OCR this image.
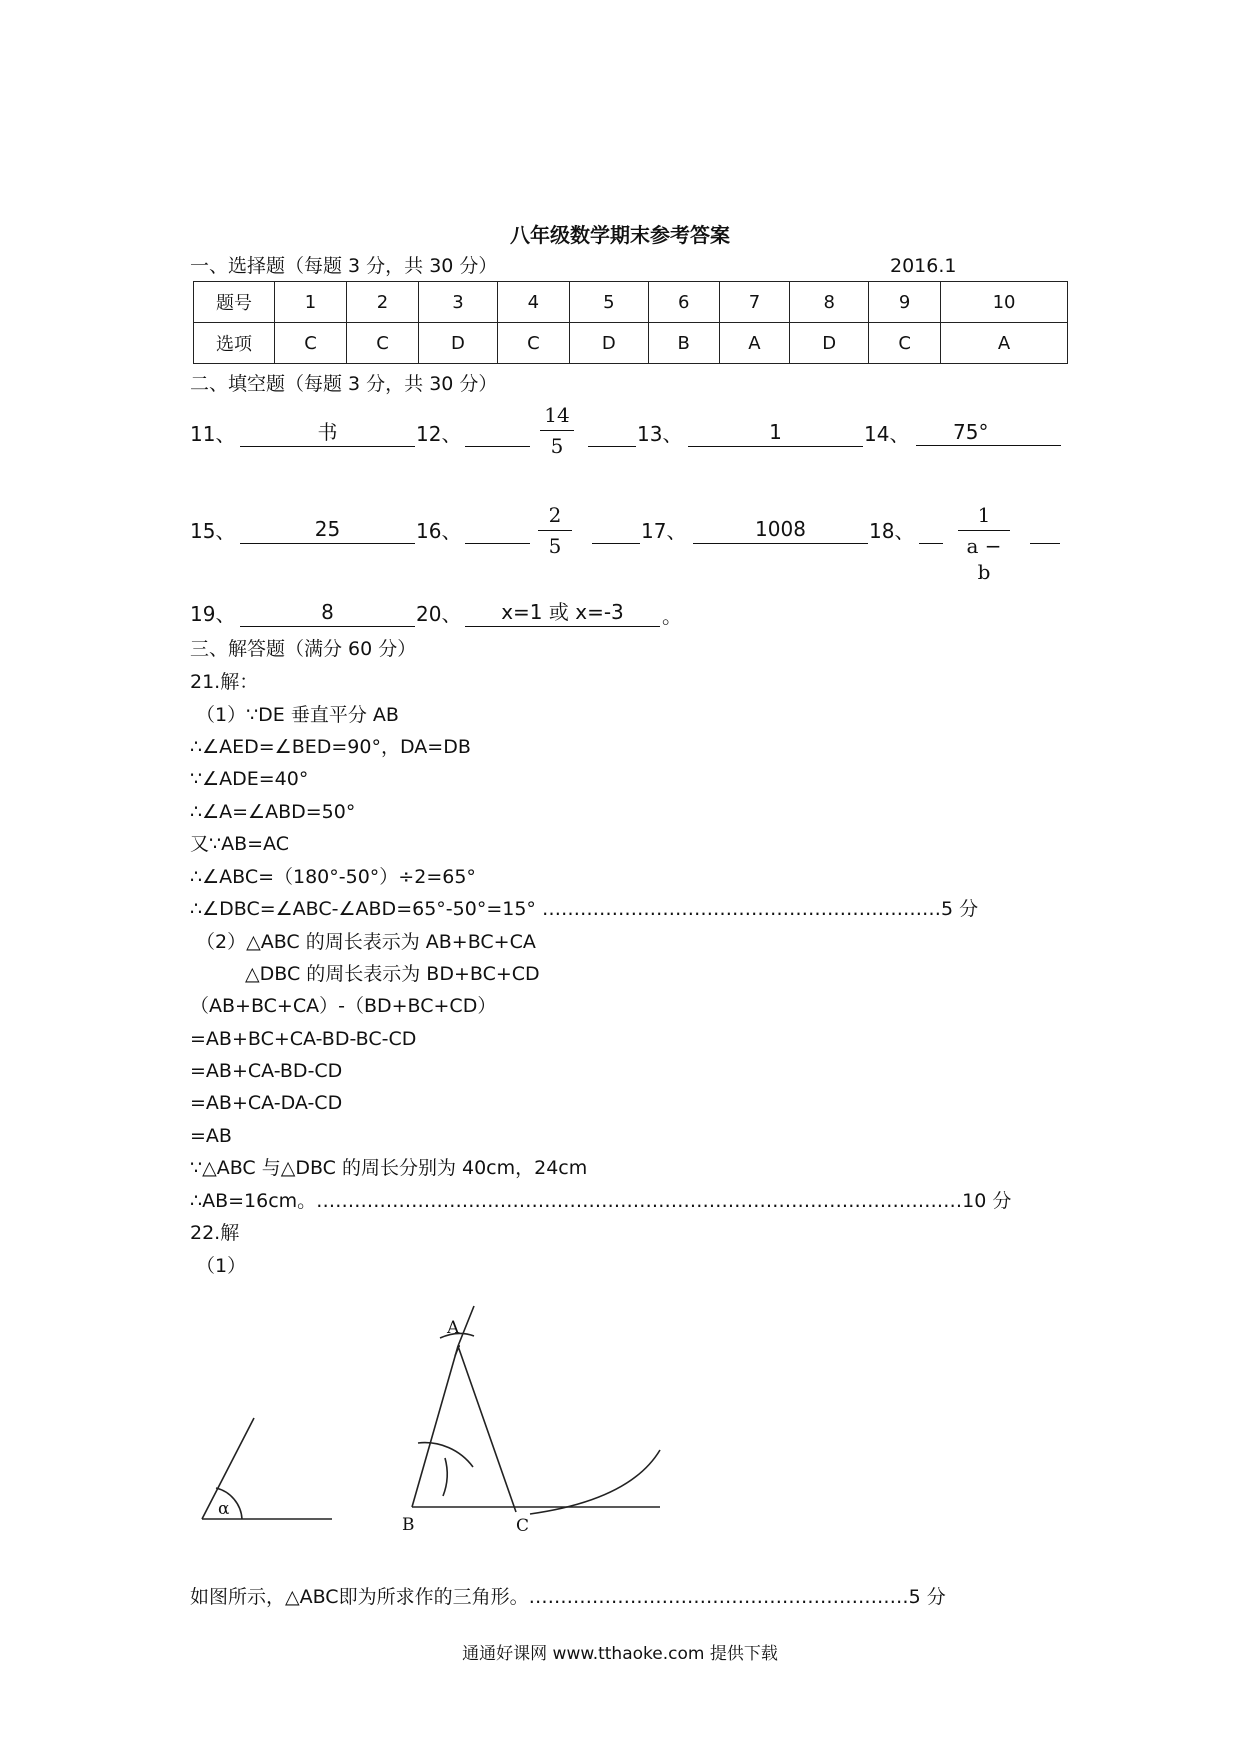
八年级数学期末参考答案
一、选择题（每题 3 分，共 30 分）	2016.1
题号	1	2	3	4	5	6	7	8	9	10
选项	C	C	D	C	D	B	A	D	C	A
二、填空题（每题 3 分，共 30 分）
11、	书	12、
14
5	13、	1	14、	75°
15、	25	16、
2
5
17、	1008	18、
1
a − b
19、	8	20、	x=1 或 x=-3	。
三、解答题（满分 60 分）
21.解：
（1）∵DE 垂直平分 AB
∴∠AED=∠BED=90°，DA=DB
∵∠ADE=40°
∴∠A=∠ABD=50°
又∵AB=AC
∴∠ABC=（180°-50°）÷2=65°
∴∠DBC=∠ABC-∠ABD=65°-50°=15° ………………………………………………………5 分
（2）△ABC 的周长表示为 AB+BC+CA
△DBC 的周长表示为 BD+BC+CD
（AB+BC+CA）-（BD+BC+CD）
=AB+BC+CA-BD-BC-CD
=AB+CA-BD-CD
=AB+CA-DA-CD
=AB
∵△ABC 与△DBC 的周长分别为 40cm，24cm
∴AB=16cm。…………………………………………………………………………………………10 分
22.解
（1）
α
A
B	C
如图所示，△ABC即为所求作的三角形。……………………………………………………5 分
通通好课网 www.tthaoke.com 提供下载
